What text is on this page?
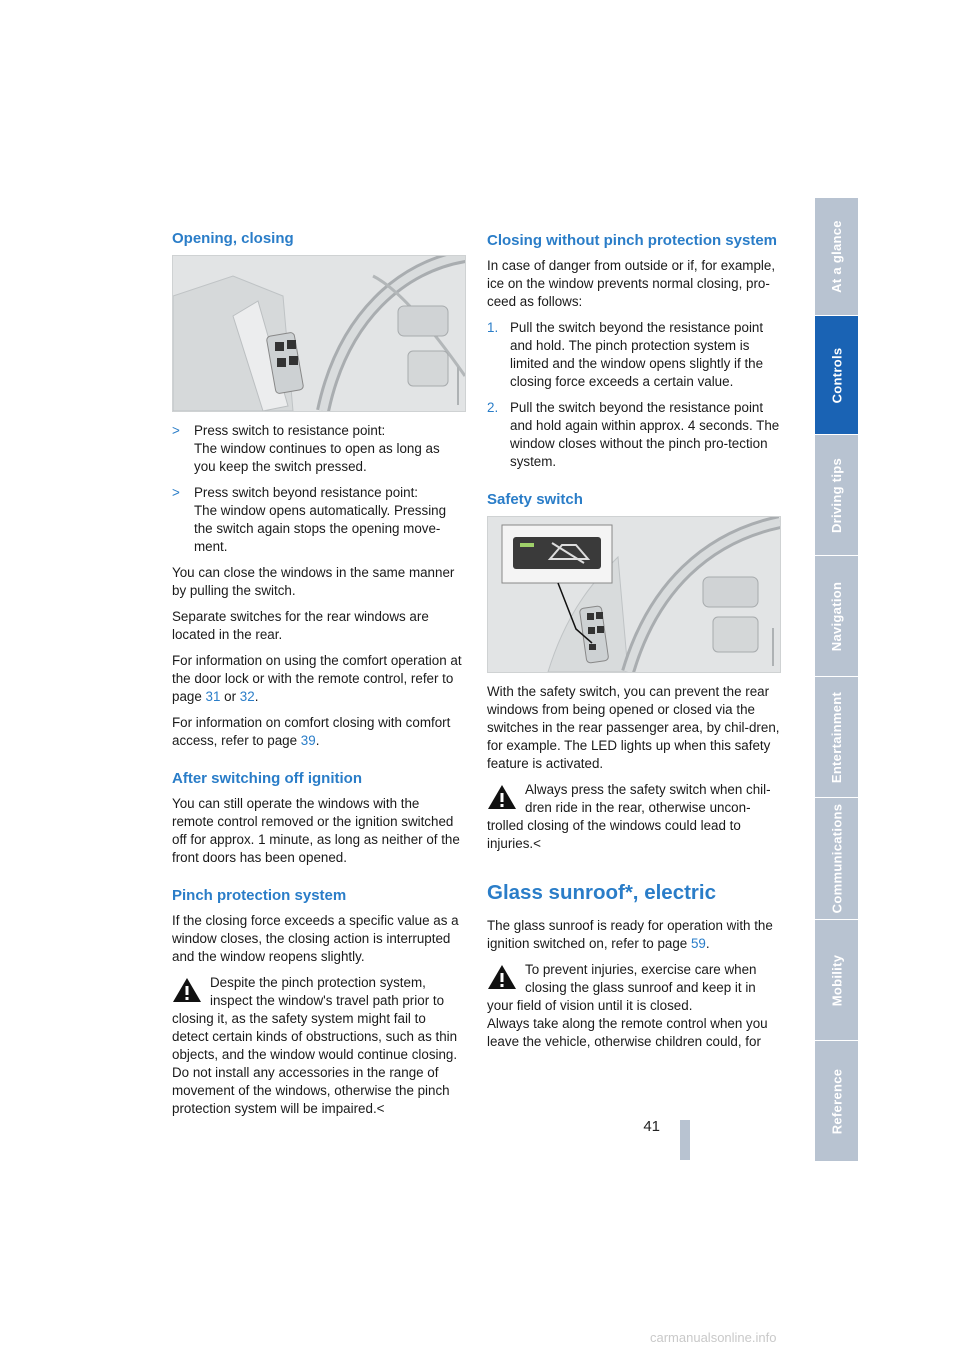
At a glance
Controls
Driving tips
Navigation
Entertainment
Communications
Mobility
Reference
Opening, closing
> Press switch to resistance point:
The window continues to open as long as you keep the switch pressed.
> Press switch beyond resistance point:
The window opens automatically. Pressing the switch again stops the opening move-ment.

You can close the windows in the same manner by pulling the switch.

Separate switches for the rear windows are located in the rear.

For information on using the comfort operation at the door lock or with the remote control, refer to page 31 or 32.

For information on comfort closing with comfort access, refer to page 39.

After switching off ignition

You can still operate the windows with the remote control removed or the ignition switched off for approx. 1 minute, as long as neither of the front doors has been opened.

Pinch protection system

If the closing force exceeds a specific value as a window closes, the closing action is interrupted and the window reopens slightly.

Despite the pinch protection system, inspect the window's travel path prior to
closing it, as the safety system might fail to detect certain kinds of obstructions, such as thin objects, and the window would continue closing.
Do not install any accessories in the range of movement of the windows, otherwise the pinch protection system will be impaired.<
Closing without pinch protection system

In case of danger from outside or if, for example, ice on the window prevents normal closing, pro-ceed as follows:

1. Pull the switch beyond the resistance point and hold. The pinch protection system is limited and the window opens slightly if the closing force exceeds a certain value.
2. Pull the switch beyond the resistance point and hold again within approx. 4 seconds. The window closes without the pinch pro-tection system.
Safety switch

With the safety switch, you can prevent the rear windows from being opened or closed via the switches in the rear passenger area, by chil-dren, for example. The LED lights up when this safety feature is activated.

Always press the safety switch when chil-dren ride in the rear, otherwise uncon-
trolled closing of the windows could lead to injuries.<
Glass sunroof*, electric

The glass sunroof is ready for operation with the ignition switched on, refer to page 59.

To prevent injuries, exercise care when closing the glass sunroof and keep it in
your field of vision until it is closed.
Always take along the remote control when you leave the vehicle, otherwise children could, for
41
carmanualsonline.info
